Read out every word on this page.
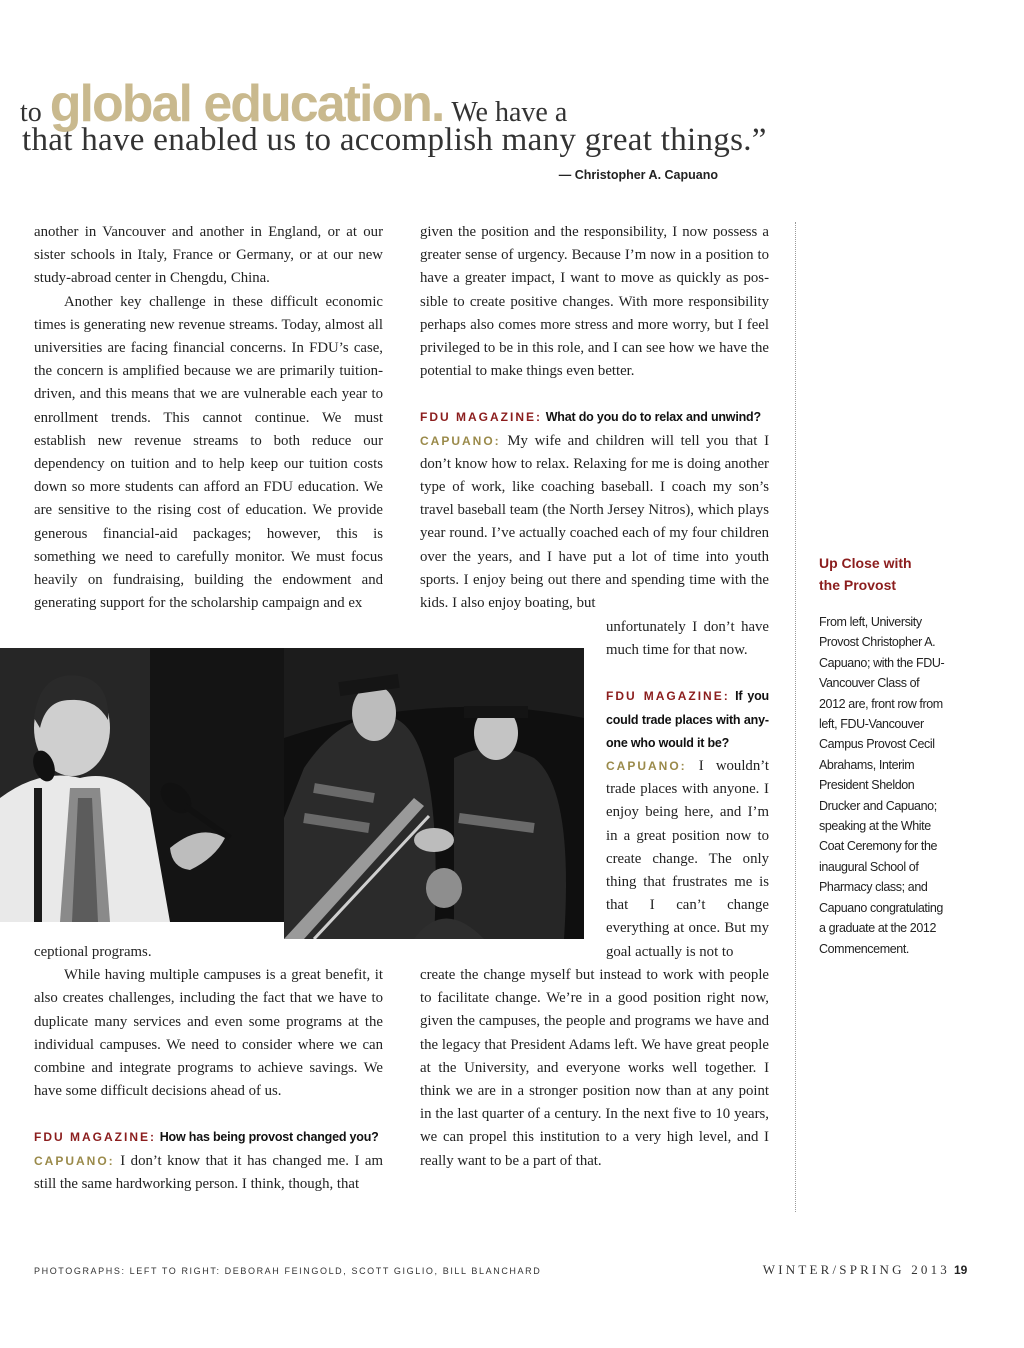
to global education. We have a
that have enabled us to accomplish many great things.”
— Christopher A. Capuano

another in Vancouver and another in England, or at our sister schools in Italy, France or Germany, or at our new study-abroad center in Chengdu, China.

Another key challenge in these difficult economic times is generating new revenue streams. Today, almost all universities are facing financial concerns. In FDU’s case, the concern is amplified because we are primarily tuition-driven, and this means that we are vulnerable each year to enrollment trends. This cannot continue. We must establish new revenue streams to both reduce our dependency on tuition and to help keep our tuition costs down so more students can afford an FDU education. We are sensitive to the rising cost of education. We provide generous financial-aid packages; however, this is something we need to carefully monitor. We must focus heavily on fundraising, building the endowment and generating support for the scholarship campaign and ex

ceptional programs.

While having multiple campuses is a great benefit, it also creates challenges, including the fact that we have to duplicate many services and even some programs at the individual campuses. We need to consider where we can combine and integrate programs to achieve savings. We have some difficult decisions ahead of us.

FDU MAGAZINE: How has being provost changed you?

CAPUANO: I don’t know that it has changed me. I am still the same hardworking person. I think, though, that

given the position and the responsibility, I now possess a greater sense of urgency. Because I’m now in a position to have a greater impact, I want to move as quickly as possible to create positive changes. With more responsibility perhaps also comes more stress and more worry, but I feel privileged to be in this role, and I can see how we have the potential to make things even better.

FDU MAGAZINE: What do you do to relax and unwind?

CAPUANO: My wife and children will tell you that I don’t know how to relax. Relaxing for me is doing another type of work, like coaching baseball. I coach my son’s travel baseball team (the North Jersey Nitros), which plays year round. I’ve actually coached each of my four children over the years, and I have put a lot of time into youth sports. I enjoy being out there and spending time with the kids. I also enjoy boating, but

unfortunately I don’t have much time for that now.

FDU MAGAZINE: If you could trade places with anyone who would it be?

CAPUANO: I wouldn’t trade places with anyone. I enjoy being here, and I’m in a great position now to create change. The only thing that frustrates me is that I can’t change everything at once. But my goal actually is not to

create the change myself but instead to work with people to facilitate change. We’re in a good position right now, given the campuses, the people and programs we have and the legacy that President Adams left. We have great people at the University, and everyone works well together. I think we are in a stronger position now than at any point in the last quarter of a century. In the next five to 10 years, we can propel this institution to a very high level, and I really want to be a part of that.

Up Close with
the Provost
From left, University Provost Christopher A. Capuano; with the FDU-Vancouver Class of 2012 are, front row from left, FDU-Vancouver Campus Provost Cecil Abrahams, Interim President Sheldon Drucker and Capuano; speaking at the White Coat Ceremony for the inaugural School of Pharmacy class; and Capuano congratulating a graduate at the 2012 Commencement.
PHOTOGRAPHS: LEFT TO RIGHT: DEBORAH FEINGOLD, SCOTT GIGLIO, BILL BLANCHARD	WINTER/SPRING 2013 19
